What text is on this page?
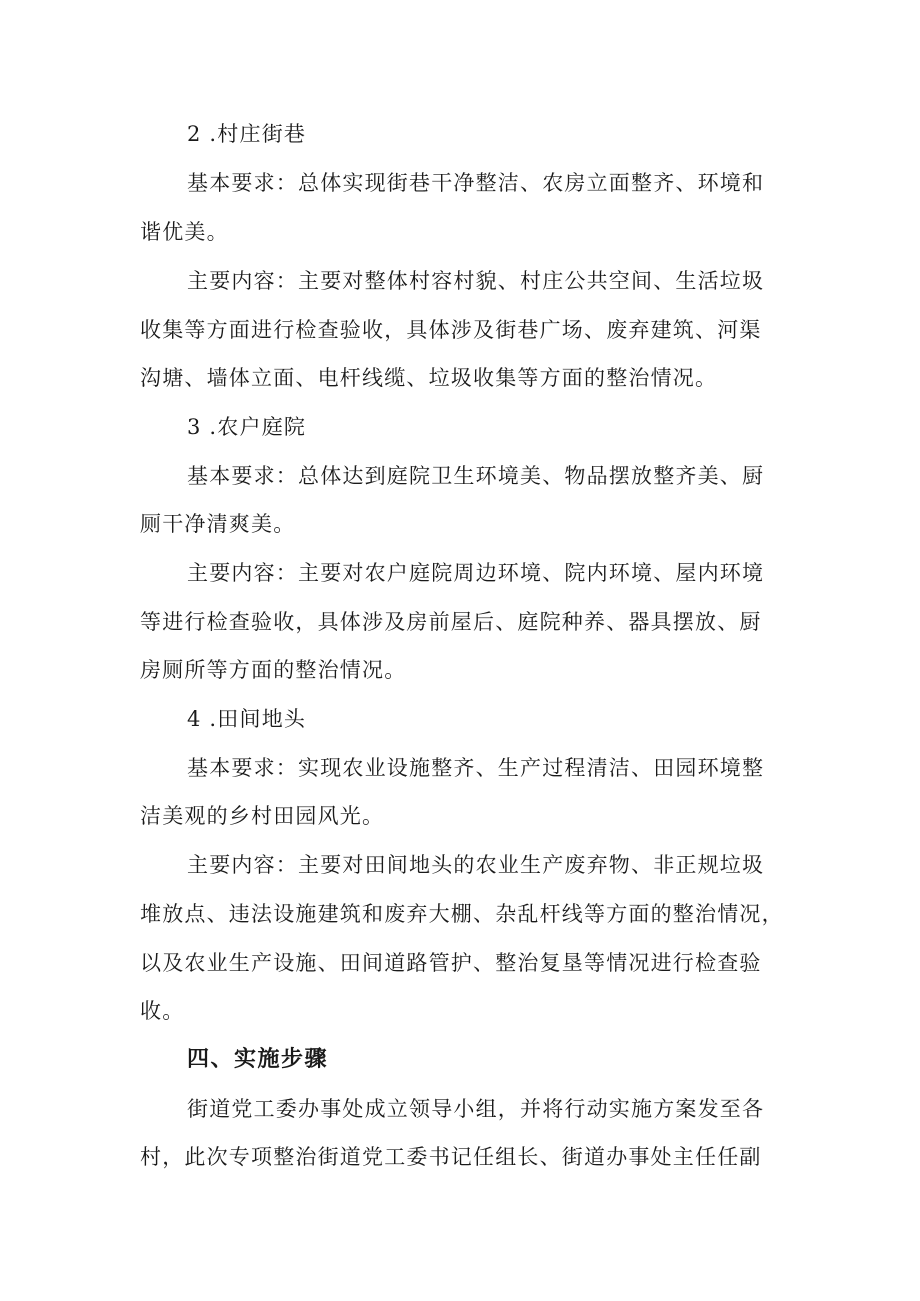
2 .村庄街巷
基本要求：总体实现街巷干净整洁、农房立面整齐、环境和
谐优美。
主要内容：主要对整体村容村貌、村庄公共空间、生活垃圾
收集等方面进行检查验收，具体涉及街巷广场、废弃建筑、河渠
沟塘、墙体立面、电杆线缆、垃圾收集等方面的整治情况。
3 .农户庭院
基本要求：总体达到庭院卫生环境美、物品摆放整齐美、厨
厕干净清爽美。
主要内容：主要对农户庭院周边环境、院内环境、屋内环境
等进行检查验收，具体涉及房前屋后、庭院种养、器具摆放、厨
房厕所等方面的整治情况。
4 .田间地头
基本要求：实现农业设施整齐、生产过程清洁、田园环境整
洁美观的乡村田园风光。
主要内容：主要对田间地头的农业生产废弃物、非正规垃圾
堆放点、违法设施建筑和废弃大棚、杂乱杆线等方面的整治情况，
以及农业生产设施、田间道路管护、整治复垦等情况进行检查验
收。
四、实施步骤
街道党工委办事处成立领导小组，并将行动实施方案发至各
村，此次专项整治街道党工委书记任组长、街道办事处主任任副
